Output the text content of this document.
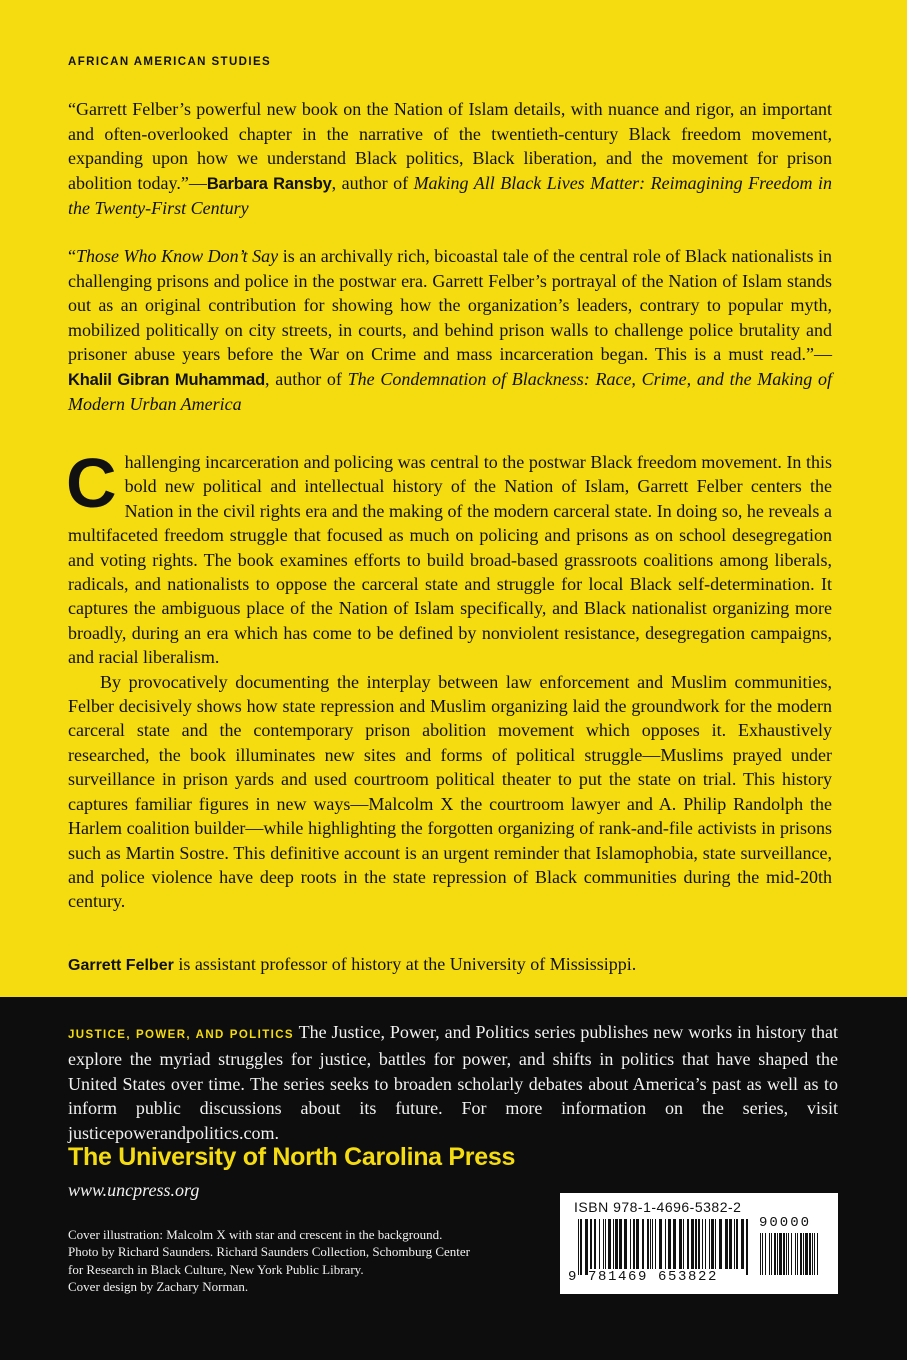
AFRICAN AMERICAN STUDIES

“Garrett Felber’s powerful new book on the Nation of Islam details, with nuance and rigor, an important and often-overlooked chapter in the narrative of the twentieth-century Black freedom movement, expanding upon how we understand Black politics, Black liberation, and the movement for prison abolition today.”—Barbara Ransby, author of Making All Black Lives Matter: Reimagining Freedom in the Twenty-First Century

“Those Who Know Don’t Say is an archivally rich, bicoastal tale of the central role of Black nationalists in challenging prisons and police in the postwar era. Garrett Felber’s portrayal of the Nation of Islam stands out as an original contribution for showing how the organization’s leaders, contrary to popular myth, mobilized politically on city streets, in courts, and behind prison walls to challenge police brutality and prisoner abuse years before the War on Crime and mass incarceration began. This is a must read.”—Khalil Gibran Muhammad, author of The Condemnation of Blackness: Race, Crime, and the Making of Modern Urban America

Challenging incarceration and policing was central to the postwar Black freedom movement. In this bold new political and intellectual history of the Nation of Islam, Garrett Felber centers the Nation in the civil rights era and the making of the modern carceral state. In doing so, he reveals a multifaceted freedom struggle that focused as much on policing and prisons as on school desegregation and voting rights. The book examines efforts to build broad-based grassroots coalitions among liberals, radicals, and nationalists to oppose the carceral state and struggle for local Black self-determination. It captures the ambiguous place of the Nation of Islam specifically, and Black nationalist organizing more broadly, during an era which has come to be defined by nonviolent resistance, desegregation campaigns, and racial liberalism.

By provocatively documenting the interplay between law enforcement and Muslim communities, Felber decisively shows how state repression and Muslim organizing laid the groundwork for the modern carceral state and the contemporary prison abolition movement which opposes it. Exhaustively researched, the book illuminates new sites and forms of political struggle—Muslims prayed under surveillance in prison yards and used courtroom political theater to put the state on trial. This history captures familiar figures in new ways—Malcolm X the courtroom lawyer and A. Philip Randolph the Harlem coalition builder—while highlighting the forgotten organizing of rank-and-file activists in prisons such as Martin Sostre. This definitive account is an urgent reminder that Islamophobia, state surveillance, and police violence have deep roots in the state repression of Black communities during the mid-20th century.

Garrett Felber is assistant professor of history at the University of Mississippi.

JUSTICE, POWER, AND POLITICS The Justice, Power, and Politics series publishes new works in history that explore the myriad struggles for justice, battles for power, and shifts in politics that have shaped the United States over time. The series seeks to broaden scholarly debates about America’s past as well as to inform public discussions about its future. For more information on the series, visit justicepowerandpolitics.com.

The University of North Carolina Press
www.uncpress.org
Cover illustration: Malcolm X with star and crescent in the background.
Photo by Richard Saunders. Richard Saunders Collection, Schomburg Center
for Research in Black Culture, New York Public Library.
Cover design by Zachary Norman.
ISBN 978-1-4696-5382-2
90000
9 781469 653822
